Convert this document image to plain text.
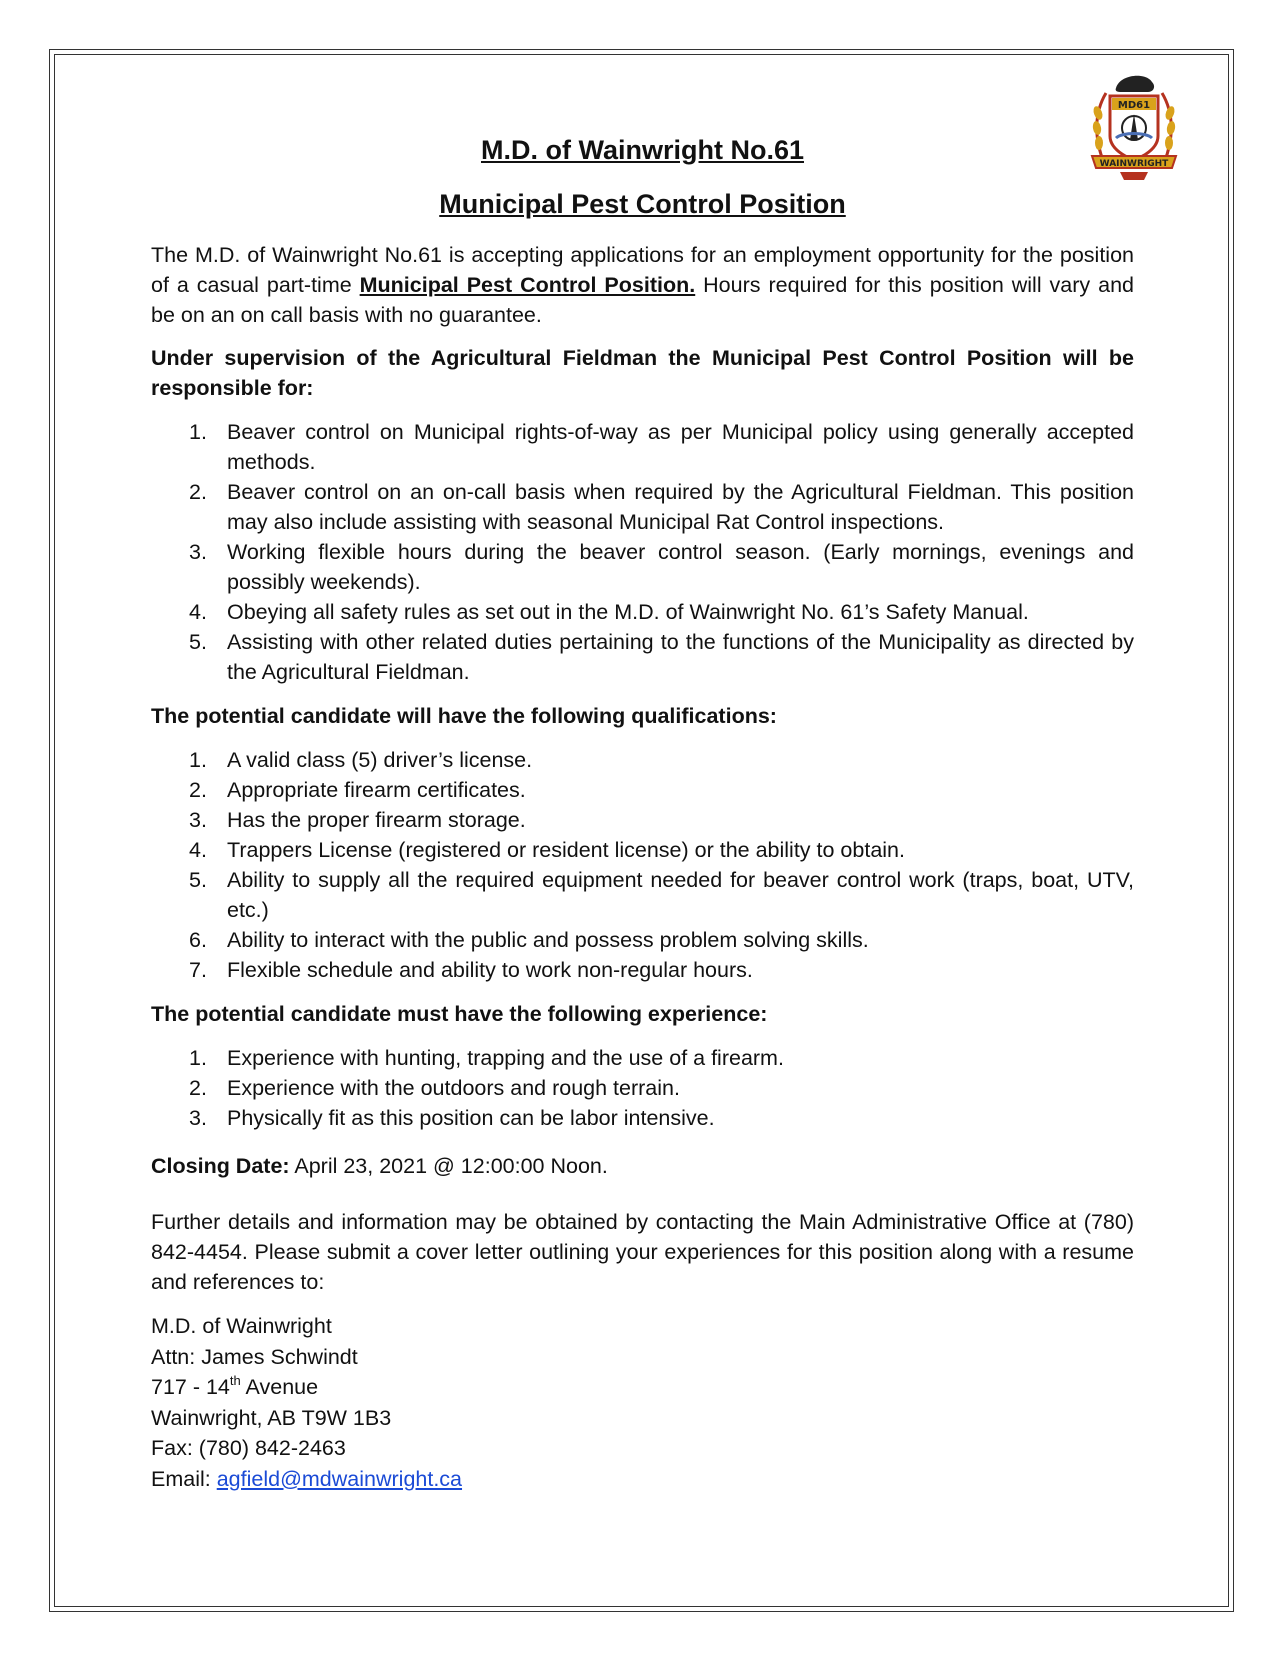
MD61
WAINWRIGHT
M.D. of Wainwright No.61
Municipal Pest Control Position

The M.D. of Wainwright No.61 is accepting applications for an employment opportunity for the position of a casual part-time Municipal Pest Control Position. Hours required for this position will vary and be on an on call basis with no guarantee.

Under supervision of the Agricultural Fieldman the Municipal Pest Control Position will be responsible for:
1. Beaver control on Municipal rights-of-way as per Municipal policy using generally accepted methods.
2. Beaver control on an on-call basis when required by the Agricultural Fieldman. This position may also include assisting with seasonal Municipal Rat Control inspections.
3. Working flexible hours during the beaver control season. (Early mornings, evenings and possibly weekends).
4. Obeying all safety rules as set out in the M.D. of Wainwright No. 61’s Safety Manual.
5. Assisting with other related duties pertaining to the functions of the Municipality as directed by the Agricultural Fieldman.
The potential candidate will have the following qualifications:
1. A valid class (5) driver’s license.
2. Appropriate firearm certificates.
3. Has the proper firearm storage.
4. Trappers License (registered or resident license) or the ability to obtain.
5. Ability to supply all the required equipment needed for beaver control work (traps, boat, UTV, etc.)
6. Ability to interact with the public and possess problem solving skills.
7. Flexible schedule and ability to work non-regular hours.
The potential candidate must have the following experience:
1. Experience with hunting, trapping and the use of a firearm.
2. Experience with the outdoors and rough terrain.
3. Physically fit as this position can be labor intensive.

Closing Date: April 23, 2021 @ 12:00:00 Noon.

Further details and information may be obtained by contacting the Main Administrative Office at (780) 842-4454. Please submit a cover letter outlining your experiences for this position along with a resume and references to:

M.D. of Wainwright
Attn: James Schwindt
717 - 14th Avenue
Wainwright, AB T9W 1B3
Fax: (780) 842-2463
Email: agfield@mdwainwright.ca
